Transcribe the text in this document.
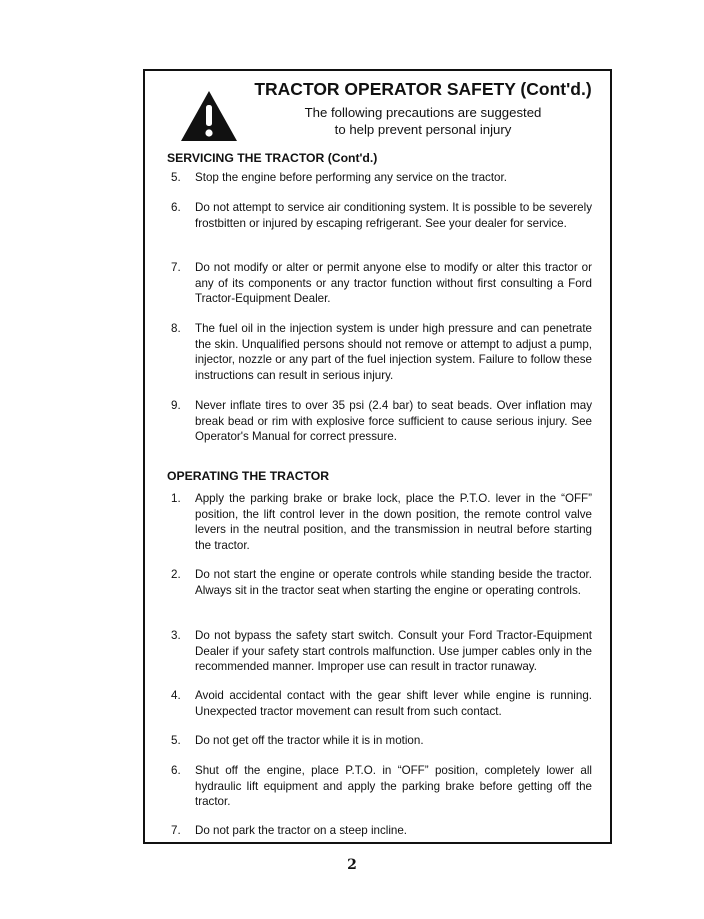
TRACTOR OPERATOR SAFETY (Cont'd.)
The following precautions are suggested
to help prevent personal injury
SERVICING THE TRACTOR (Cont'd.)
5. Stop the engine before performing any service on the tractor.
6. Do not attempt to service air conditioning system. It is possible to be severely frostbitten or injured by escaping refrigerant. See your dealer for service.
7. Do not modify or alter or permit anyone else to modify or alter this tractor or any of its components or any tractor function without first consulting a Ford Tractor-Equipment Dealer.
8. The fuel oil in the injection system is under high pressure and can penetrate the skin. Unqualified persons should not remove or attempt to adjust a pump, injector, nozzle or any part of the fuel injection system. Failure to follow these instructions can result in serious injury.
9. Never inflate tires to over 35 psi (2.4 bar) to seat beads. Over inflation may break bead or rim with explosive force sufficient to cause serious injury. See Operator's Manual for correct pressure.
OPERATING THE TRACTOR
1. Apply the parking brake or brake lock, place the P.T.O. lever in the “OFF” position, the lift control lever in the down position, the remote control valve levers in the neutral position, and the transmission in neutral before starting the tractor.
2. Do not start the engine or operate controls while standing beside the tractor. Always sit in the tractor seat when starting the engine or operating controls.
3. Do not bypass the safety start switch. Consult your Ford Tractor-Equipment Dealer if your safety start controls malfunction. Use jumper cables only in the recommended manner. Improper use can result in tractor runaway.
4. Avoid accidental contact with the gear shift lever while engine is running. Unexpected tractor movement can result from such contact.
5. Do not get off the tractor while it is in motion.
6. Shut off the engine, place P.T.O. in “OFF” position, completely lower all hydraulic lift equipment and apply the parking brake before getting off the tractor.
7. Do not park the tractor on a steep incline.
2
